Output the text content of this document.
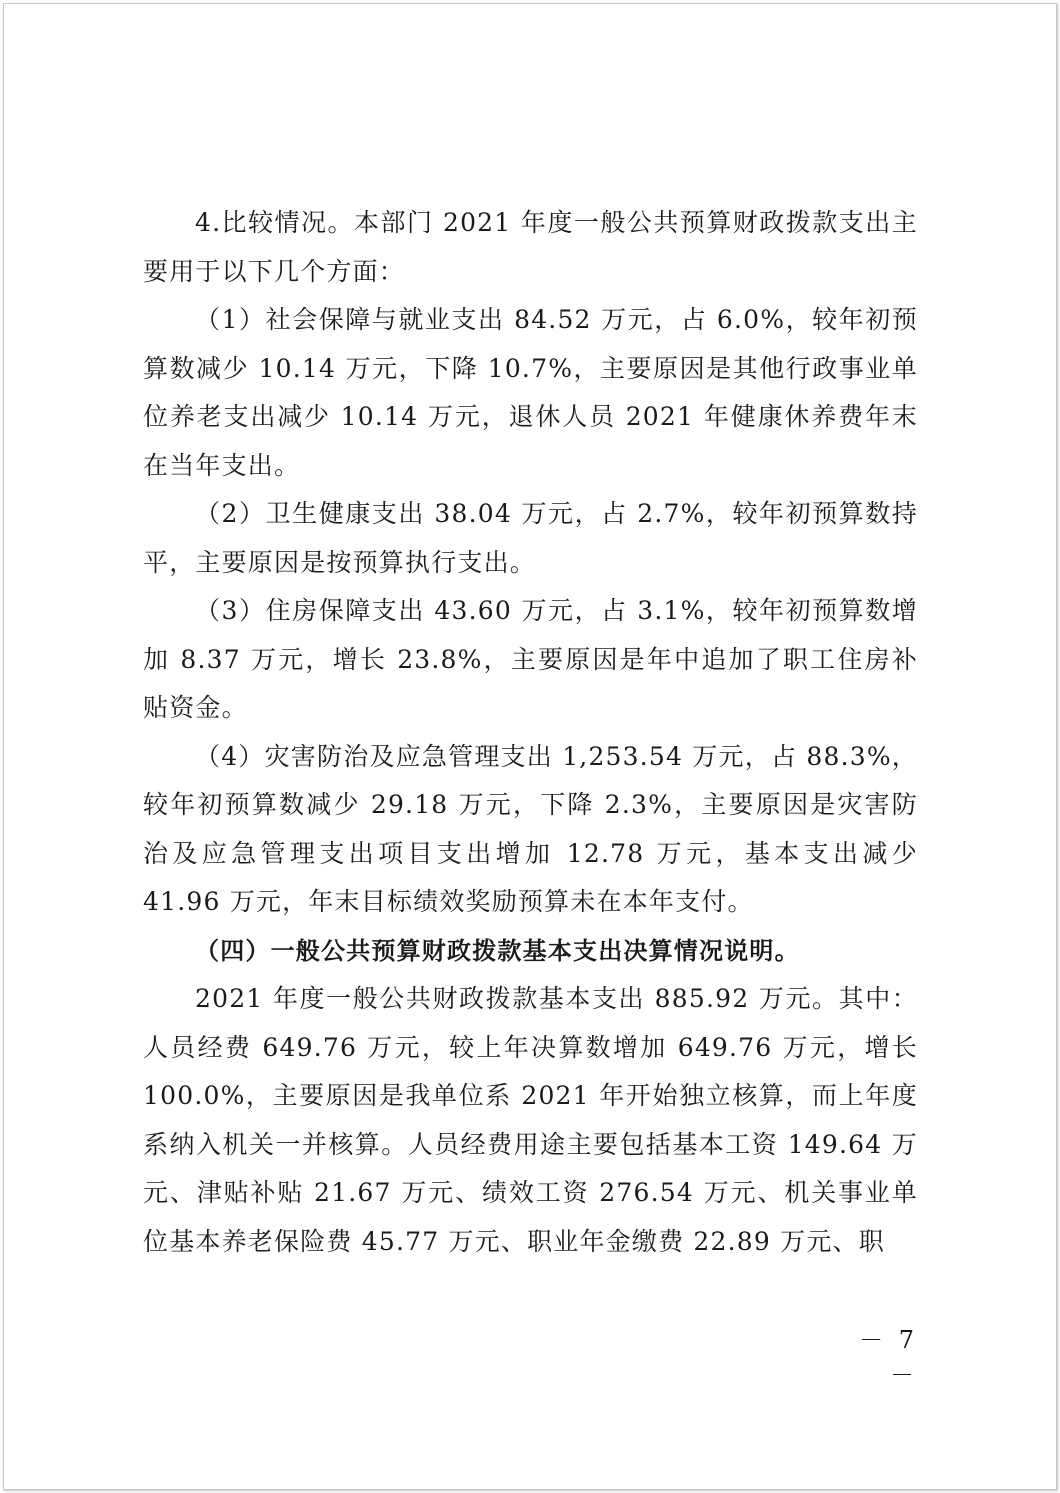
4.比较情况。本部门 2021 年度一般公共预算财政拨款支出主要用于以下几个方面：

（1）社会保障与就业支出 84.52 万元，占 6.0%，较年初预算数减少 10.14 万元，下降 10.7%，主要原因是其他行政事业单位养老支出减少 10.14 万元，退休人员 2021 年健康休养费年末在当年支出。

（2）卫生健康支出 38.04 万元，占 2.7%，较年初预算数持平，主要原因是按预算执行支出。

（3）住房保障支出 43.60 万元，占 3.1%，较年初预算数增加 8.37 万元，增长 23.8%，主要原因是年中追加了职工住房补贴资金。

（4）灾害防治及应急管理支出 1,253.54 万元，占 88.3%，较年初预算数减少 29.18 万元，下降 2.3%，主要原因是灾害防治及应急管理支出项目支出增加 12.78 万元，基本支出减少 41.96 万元，年末目标绩效奖励预算未在本年支付。

（四）一般公共预算财政拨款基本支出决算情况说明。

2021 年度一般公共财政拨款基本支出 885.92 万元。其中：人员经费 649.76 万元，较上年决算数增加 649.76 万元，增长 100.0%，主要原因是我单位系 2021 年开始独立核算，而上年度系纳入机关一并核算。人员经费用途主要包括基本工资 149.64 万元、津贴补贴 21.67 万元、绩效工资 276.54 万元、机关事业单位基本养老保险费 45.77 万元、职业年金缴费 22.89 万元、职

－ 7 －
